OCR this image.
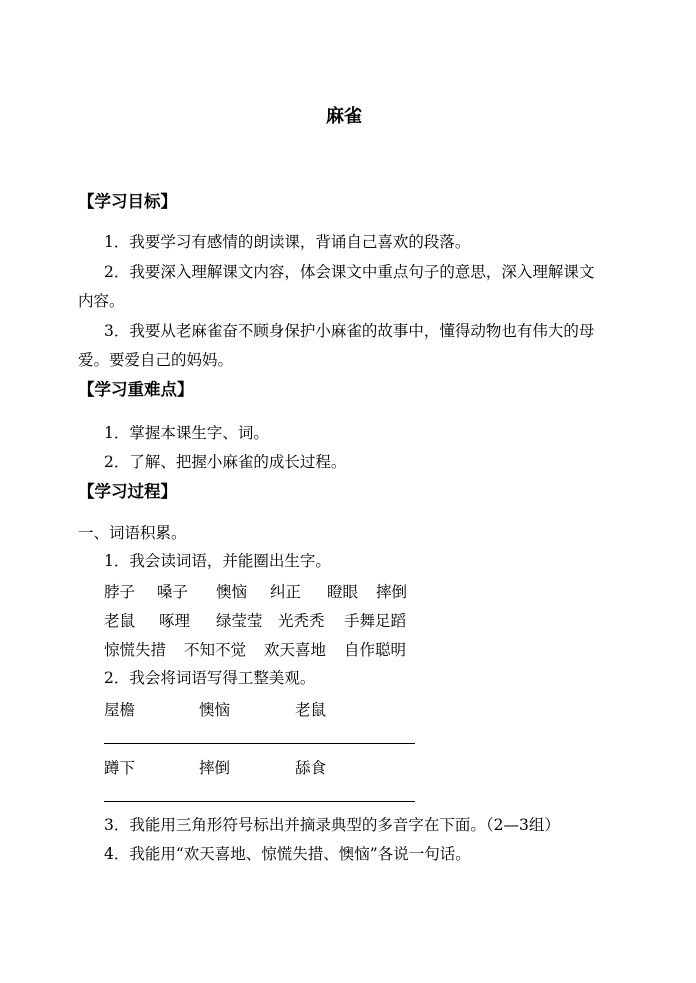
麻雀
【学习目标】
1．我要学习有感情的朗读课，背诵自己喜欢的段落。
2．我要深入理解课文内容，体会课文中重点句子的意思，深入理解课文
内容。
3．我要从老麻雀奋不顾身保护小麻雀的故事中，懂得动物也有伟大的母
爱。要爱自己的妈妈。
【学习重难点】
1．掌握本课生字、词。
2．了解、把握小麻雀的成长过程。
【学习过程】
一、词语积累。
1．我会读词语，并能圈出生字。
脖子 嗓子 懊恼 纠正 瞪眼 摔倒
老鼠 啄理 绿莹莹 光秃秃 手舞足蹈
惊慌失措 不知不觉 欢天喜地 自作聪明
2．我会将词语写得工整美观。
屋檐	懊恼	老鼠
蹲下	摔倒	舔食
3．我能用三角形符号标出并摘录典型的多音字在下面。（2—3组）
4．我能用“欢天喜地、惊慌失措、懊恼”各说一句话。
